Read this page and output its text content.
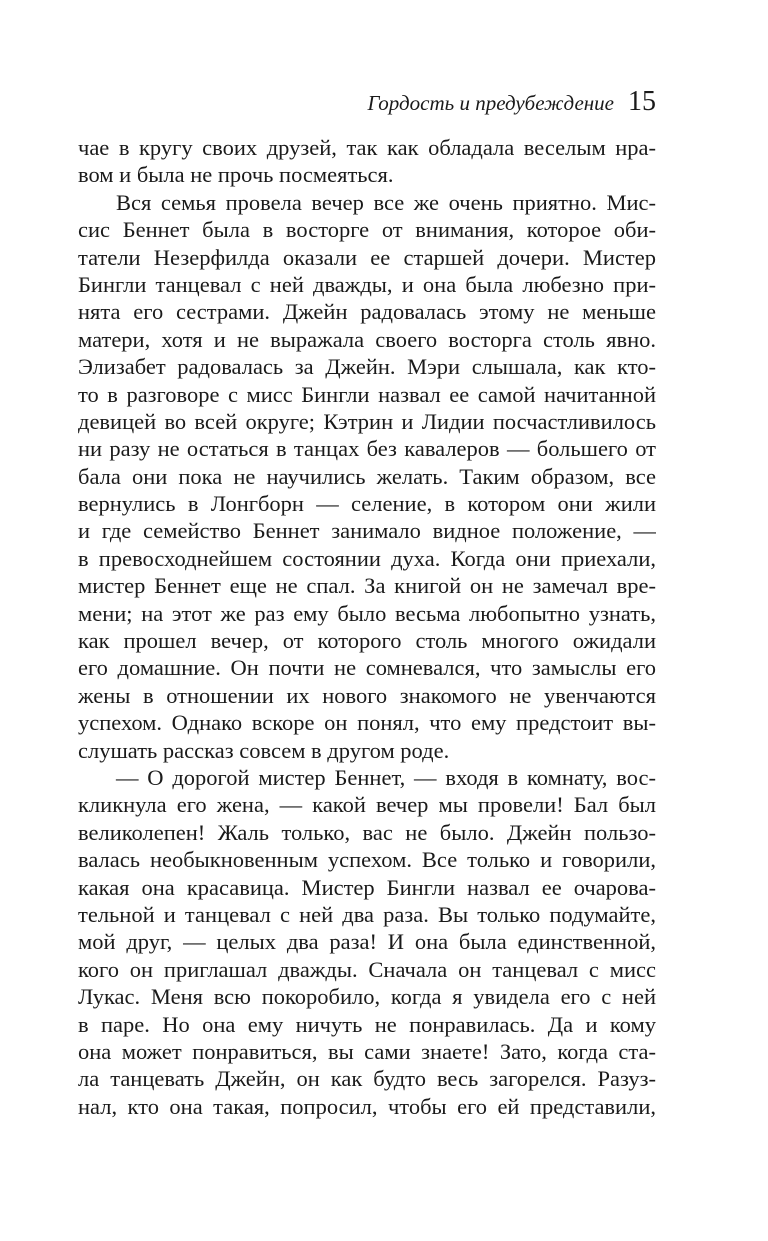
Гордость и предубеждение 15
чае в кругу своих друзей, так как обладала веселым нра-
вом и была не прочь посмеяться.
Вся семья провела вечер все же очень приятно. Мис-
сис Беннет была в восторге от внимания, которое оби-
татели Незерфилда оказали ее старшей дочери. Мистер
Бингли танцевал с ней дважды, и она была любезно при-
нята его сестрами. Джейн радовалась этому не меньше
матери, хотя и не выражала своего восторга столь явно.
Элизабет радовалась за Джейн. Мэри слышала, как кто-
то в разговоре с мисс Бингли назвал ее самой начитанной
девицей во всей округе; Кэтрин и Лидии посчастливилось
ни разу не остаться в танцах без кавалеров — большего от
бала они пока не научились желать. Таким образом, все
вернулись в Лонгборн — селение, в котором они жили
и где семейство Беннет занимало видное положение, —
в превосходнейшем состоянии духа. Когда они приехали,
мистер Беннет еще не спал. За книгой он не замечал вре-
мени; на этот же раз ему было весьма любопытно узнать,
как прошел вечер, от которого столь многого ожидали
его домашние. Он почти не сомневался, что замыслы его
жены в отношении их нового знакомого не увенчаются
успехом. Однако вскоре он понял, что ему предстоит вы-
слушать рассказ совсем в другом роде.
— О дорогой мистер Беннет, — входя в комнату, вос-
кликнула его жена, — какой вечер мы провели! Бал был
великолепен! Жаль только, вас не было. Джейн пользо-
валась необыкновенным успехом. Все только и говорили,
какая она красавица. Мистер Бингли назвал ее очарова-
тельной и танцевал с ней два раза. Вы только подумайте,
мой друг, — целых два раза! И она была единственной,
кого он приглашал дважды. Сначала он танцевал с мисс
Лукас. Меня всю покоробило, когда я увидела его с ней
в паре. Но она ему ничуть не понравилась. Да и кому
она может понравиться, вы сами знаете! Зато, когда ста-
ла танцевать Джейн, он как будто весь загорелся. Разуз-
нал, кто она такая, попросил, чтобы его ей представили,
